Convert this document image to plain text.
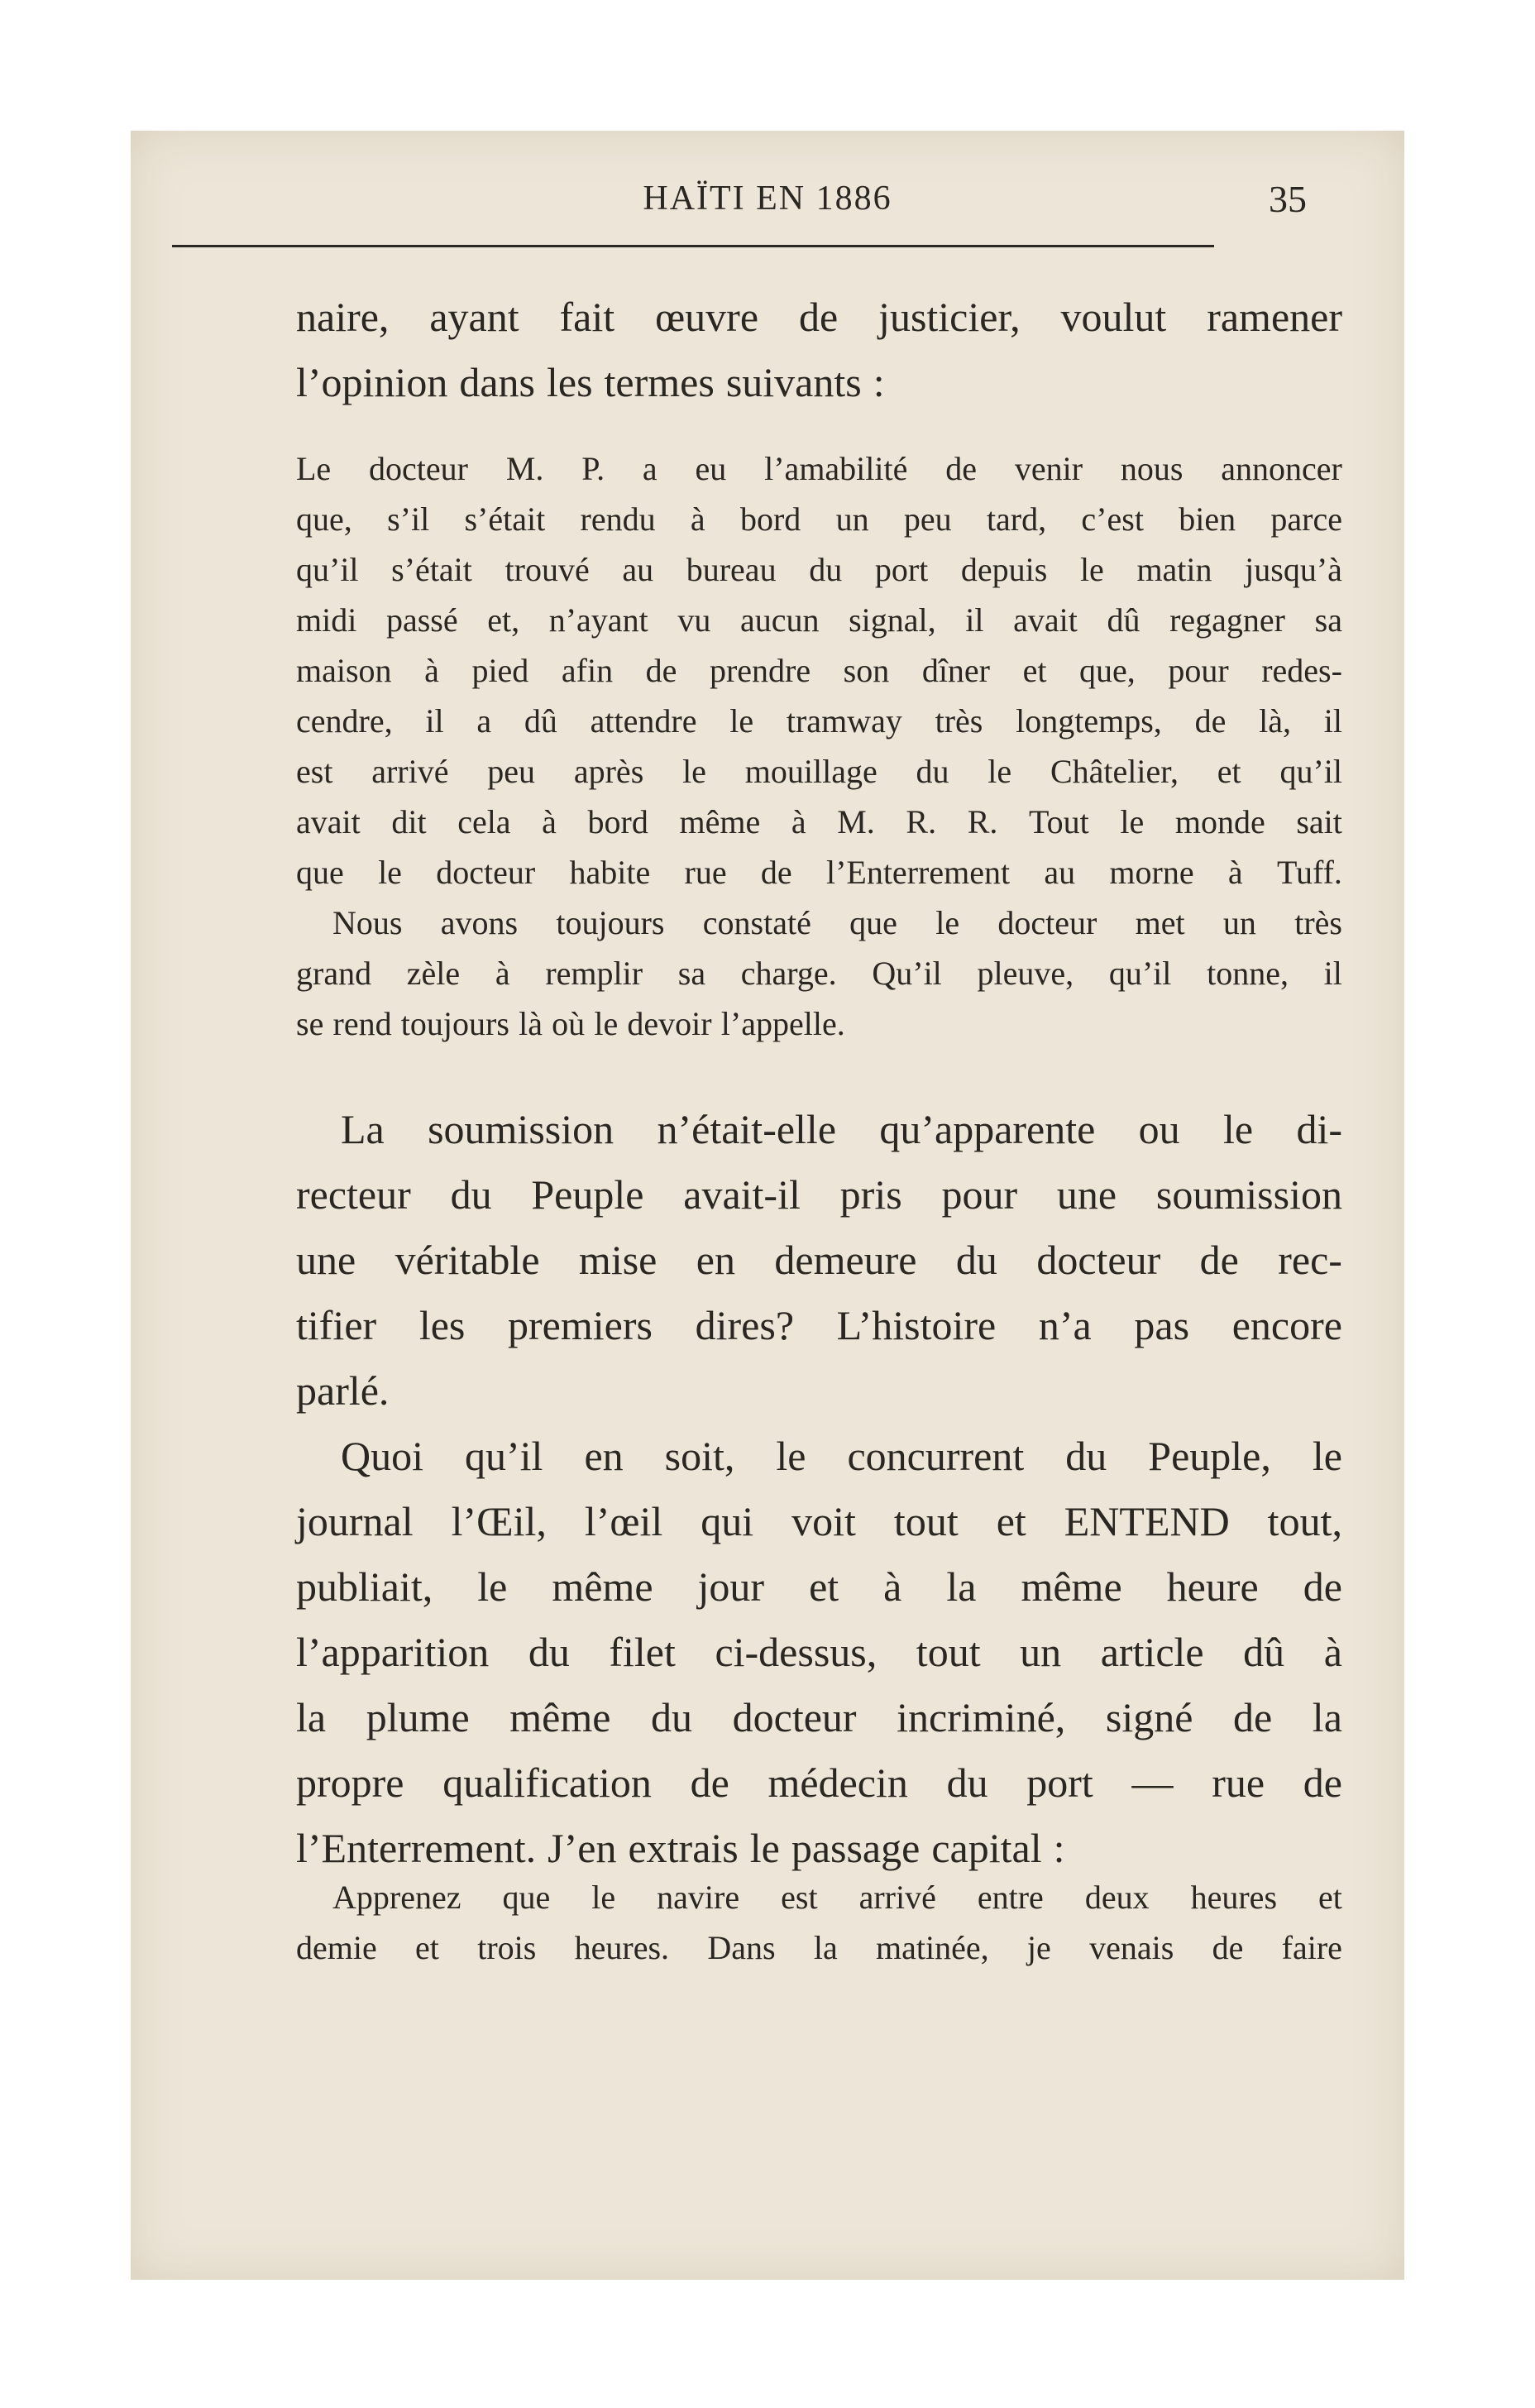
HAÏTI EN 1886	35
naire, ayant fait œuvre de justicier, voulut ramener
l’opinion dans les termes suivants :
Le docteur M. P. a eu l’amabilité de venir nous annoncer
que, s’il s’était rendu à bord un peu tard, c’est bien parce
qu’il s’était trouvé au bureau du port depuis le matin jusqu’à
midi passé et, n’ayant vu aucun signal, il avait dû regagner sa
maison à pied afin de prendre son dîner et que, pour redes-
cendre, il a dû attendre le tramway très longtemps, de là, il
est arrivé peu après le mouillage du le Châtelier, et qu’il
avait dit cela à bord même à M. R. R. Tout le monde sait
que le docteur habite rue de l’Enterrement au morne à Tuff.
Nous avons toujours constaté que le docteur met un très
grand zèle à remplir sa charge. Qu’il pleuve, qu’il tonne, il
se rend toujours là où le devoir l’appelle.
La soumission n’était-elle qu’apparente ou le di-
recteur du Peuple avait-il pris pour une soumission
une véritable mise en demeure du docteur de rec-
tifier les premiers dires? L’histoire n’a pas encore
parlé.
Quoi qu’il en soit, le concurrent du Peuple, le
journal l’Œil, l’œil qui voit tout et ENTEND tout,
publiait, le même jour et à la même heure de
l’apparition du filet ci-dessus, tout un article dû à
la plume même du docteur incriminé, signé de la
propre qualification de médecin du port — rue de
l’Enterrement. J’en extrais le passage capital :
Apprenez que le navire est arrivé entre deux heures et
demie et trois heures. Dans la matinée, je venais de faire
